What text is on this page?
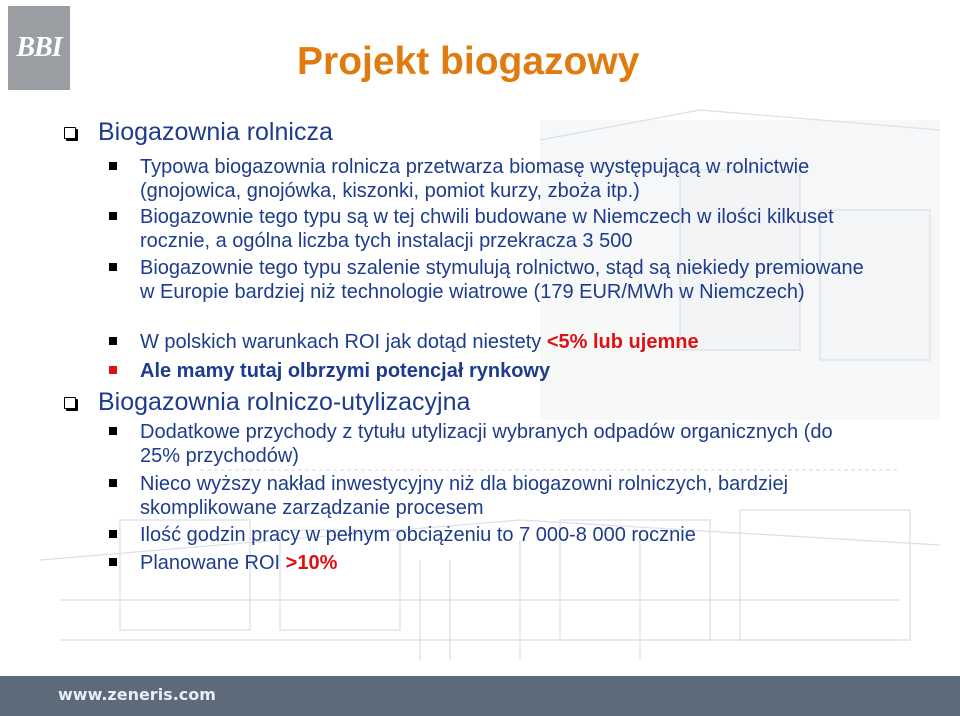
BBI	Projekt biogazowy
Biogazownia rolnicza
Typowa biogazownia rolnicza przetwarza biomasę występującą w rolnictwie (gnojowica, gnojówka, kiszonki, pomiot kurzy, zboża itp.)
Biogazownie tego typu są w tej chwili budowane w Niemczech w ilości kilkuset rocznie, a ogólna liczba tych instalacji przekracza 3 500
Biogazownie tego typu szalenie stymulują rolnictwo, stąd są niekiedy premiowane w Europie bardziej niż technologie wiatrowe (179 EUR/MWh w Niemczech)
W polskich warunkach ROI jak dotąd niestety <5% lub ujemne
Ale mamy tutaj olbrzymi potencjał rynkowy
Biogazownia rolniczo-utylizacyjna
Dodatkowe przychody z tytułu utylizacji wybranych odpadów organicznych (do 25% przychodów)
Nieco wyższy nakład inwestycyjny niż dla biogazowni rolniczych, bardziej skomplikowane zarządzanie procesem
Ilość godzin pracy w pełnym obciążeniu to 7 000-8 000 rocznie
Planowane ROI >10%
www.zeneris.com
